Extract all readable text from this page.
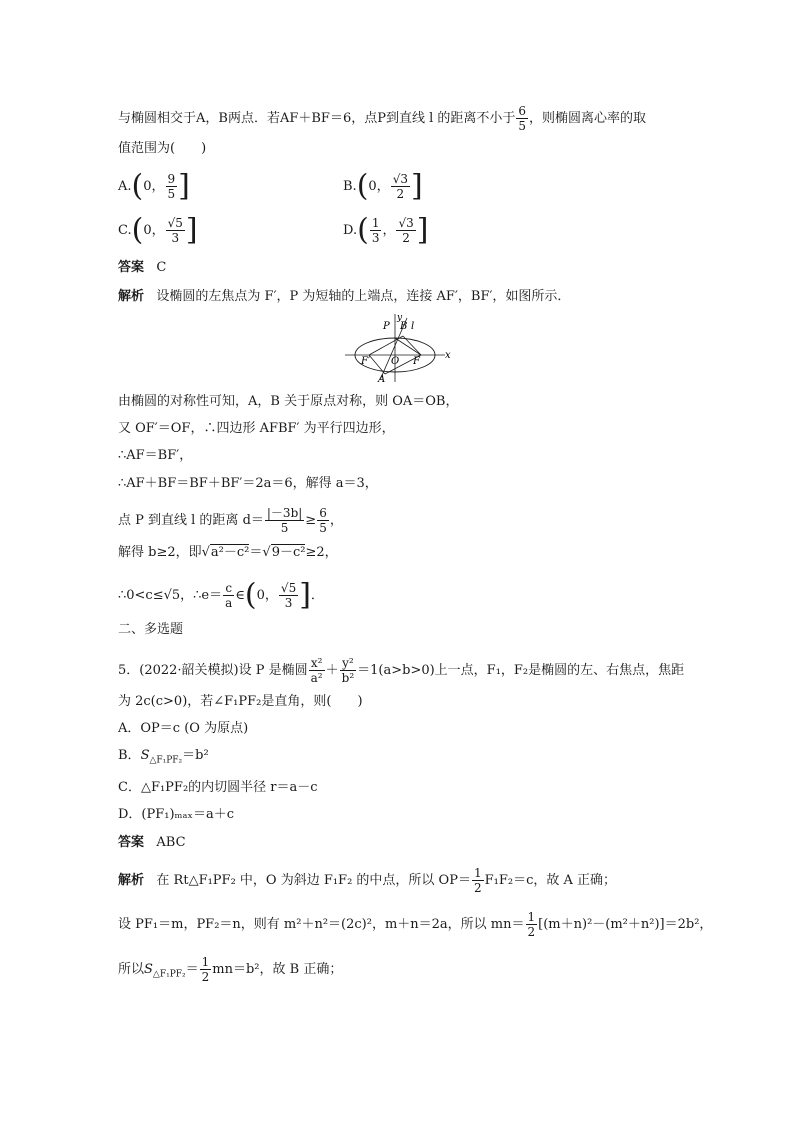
与椭圆相交于A，B两点．若AF＋BF＝6，点P到直线 l 的距离不小于 $\frac{6}{5}$ ，则椭圆离心率的取
值范围为(　　)
A.(0， $\frac{9}{5}$ ]	B.(0， $\frac{√3}{2}$ ]
C.(0， $\frac{√5}{3}$ ]	$D.( \frac{1}{3}$ ， $\frac{√3}{2}$ ]
答案 C
解析 设椭圆的左焦点为 F′，P 为短轴的上端点，连接 AF′，BF′，如图所示．
P B l
y
F′ O F
x
A
由椭圆的对称性可知，A，B 关于原点对称，则 OA＝OB，
又 OF′＝OF，∴四边形 AFBF′ 为平行四边形，
∴AF＝BF′，
∴AF＋BF＝BF＋BF′＝2a＝6，解得 a＝3，
点 P 到直线 l 的距离 $d= \frac{|-3b|}{5} \ge \frac{6}{5}$ ，
解得 b≥2，即√a²－c²＝√9－c²≥2，
∴0<c≤√5，∴e＝ $\frac{c}{a}$ ∈(0， $\frac{√5}{3}$ ]．
二、多选题
5．(2022·韶关模拟)设 P 是椭圆 $\frac{\text{x²}}{\text{a²}} + \frac{\text{y²}}{\text{b²}} =1(a>b>0)$上一点，F₁，F₂是椭圆的左、右焦点，焦距
为 2c(c>0)，若∠F₁PF₂是直角，则(　　)
A．OP＝c (O 为原点)
B．$S_{\triangle F_1PF_2}=b^2$
C．△F₁PF₂的内切圆半径 r＝a－c
D．(PF₁)ₘₐₓ＝a＋c
答案 ABC
解析 在 Rt△F₁PF₂ 中，O 为斜边 F₁F₂ 的中点，所以 $OP= \frac{1}{2} F_1F_2=c$，故 A 正确；
设 PF₁＝m，PF₂＝n，则有 m²＋n²＝(2c)²，m＋n＝2a，所以 $mn= \frac{1}{2} [(m+n)^2-(m^2+n^2)]=2b^2$，
所以$S_{\triangle F_1PF_2}= \frac{1}{2} mn=b^2$，故 B 正确；
